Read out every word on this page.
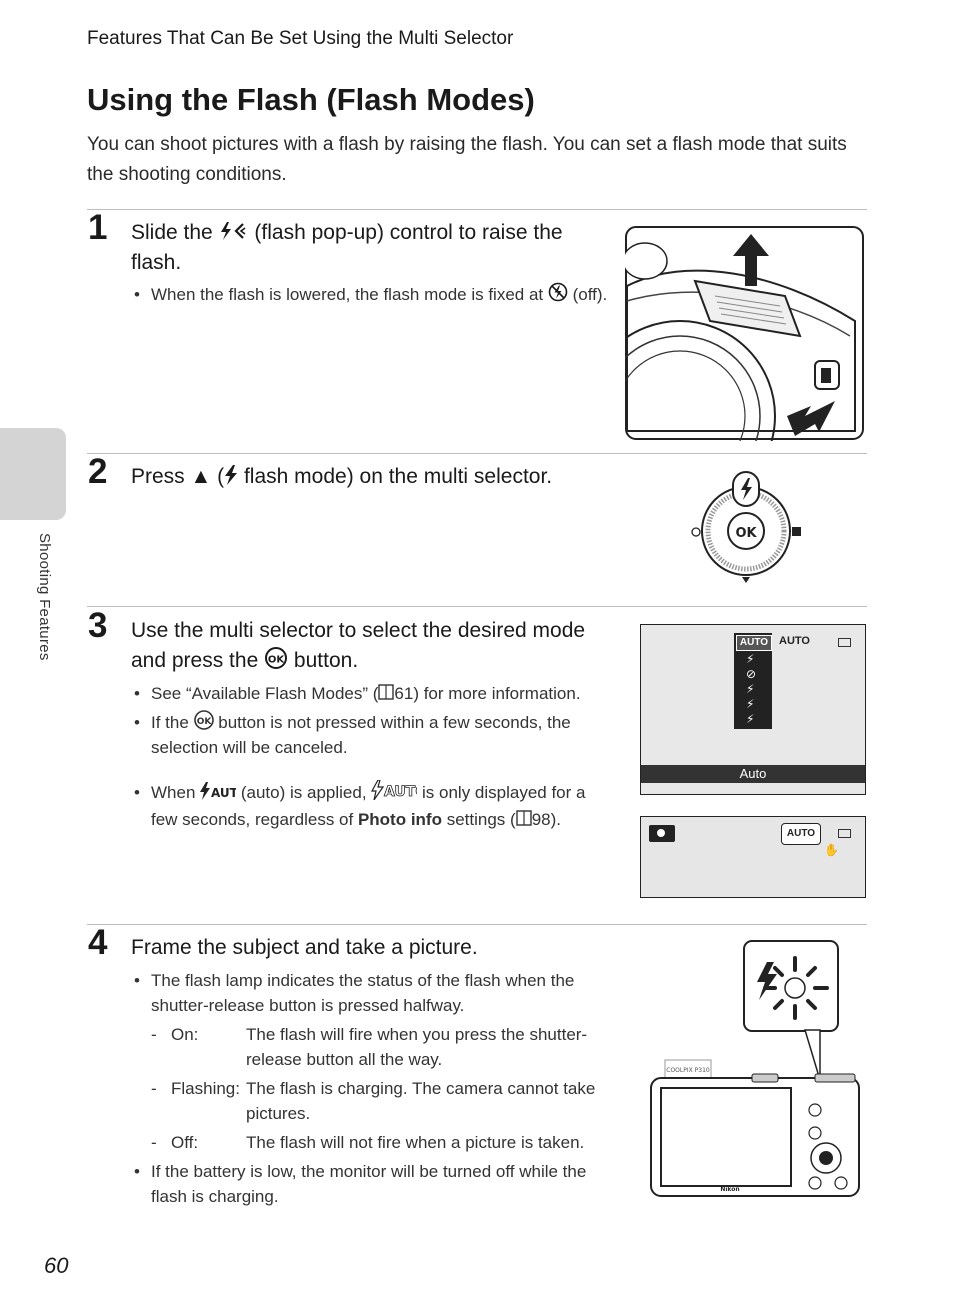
Features That Can Be Set Using the Multi Selector
Using the Flash (Flash Modes)
You can shoot pictures with a flash by raising the flash. You can set a flash mode that suits the shooting conditions.
Shooting Features
1 Slide the  (flash pop-up) control to raise the flash.
• When the flash is lowered, the flash mode is fixed at  (off).
2 Press ▲ ( flash mode) on the multi selector.
OK
3 Use the multi selector to select the desired mode and press the OK button.
• See “Available Flash Modes” ( 61) for more information.
• If the OK button is not pressed within a few seconds, the selection will be canceled.
• When AUT
(auto) is applied, AUT is only displayed for a few seconds, regardless of Photo info settings ( 98).
AUTO
⚡
⊘
⚡
⚡
⚡
AUTO
Auto
AUTO
✋
4 Frame the subject and take a picture.
• The flash lamp indicates the status of the flash when the shutter-release button is pressed halfway.
- On:	The flash will fire when you press the shutter-release button all the way.
- Flashing: The flash is charging. The camera cannot take pictures.
- Off:	The flash will not fire when a picture is taken.
• If the battery is low, the monitor will be turned off while the flash is charging.
COOLPIX P310
Nikon
60
